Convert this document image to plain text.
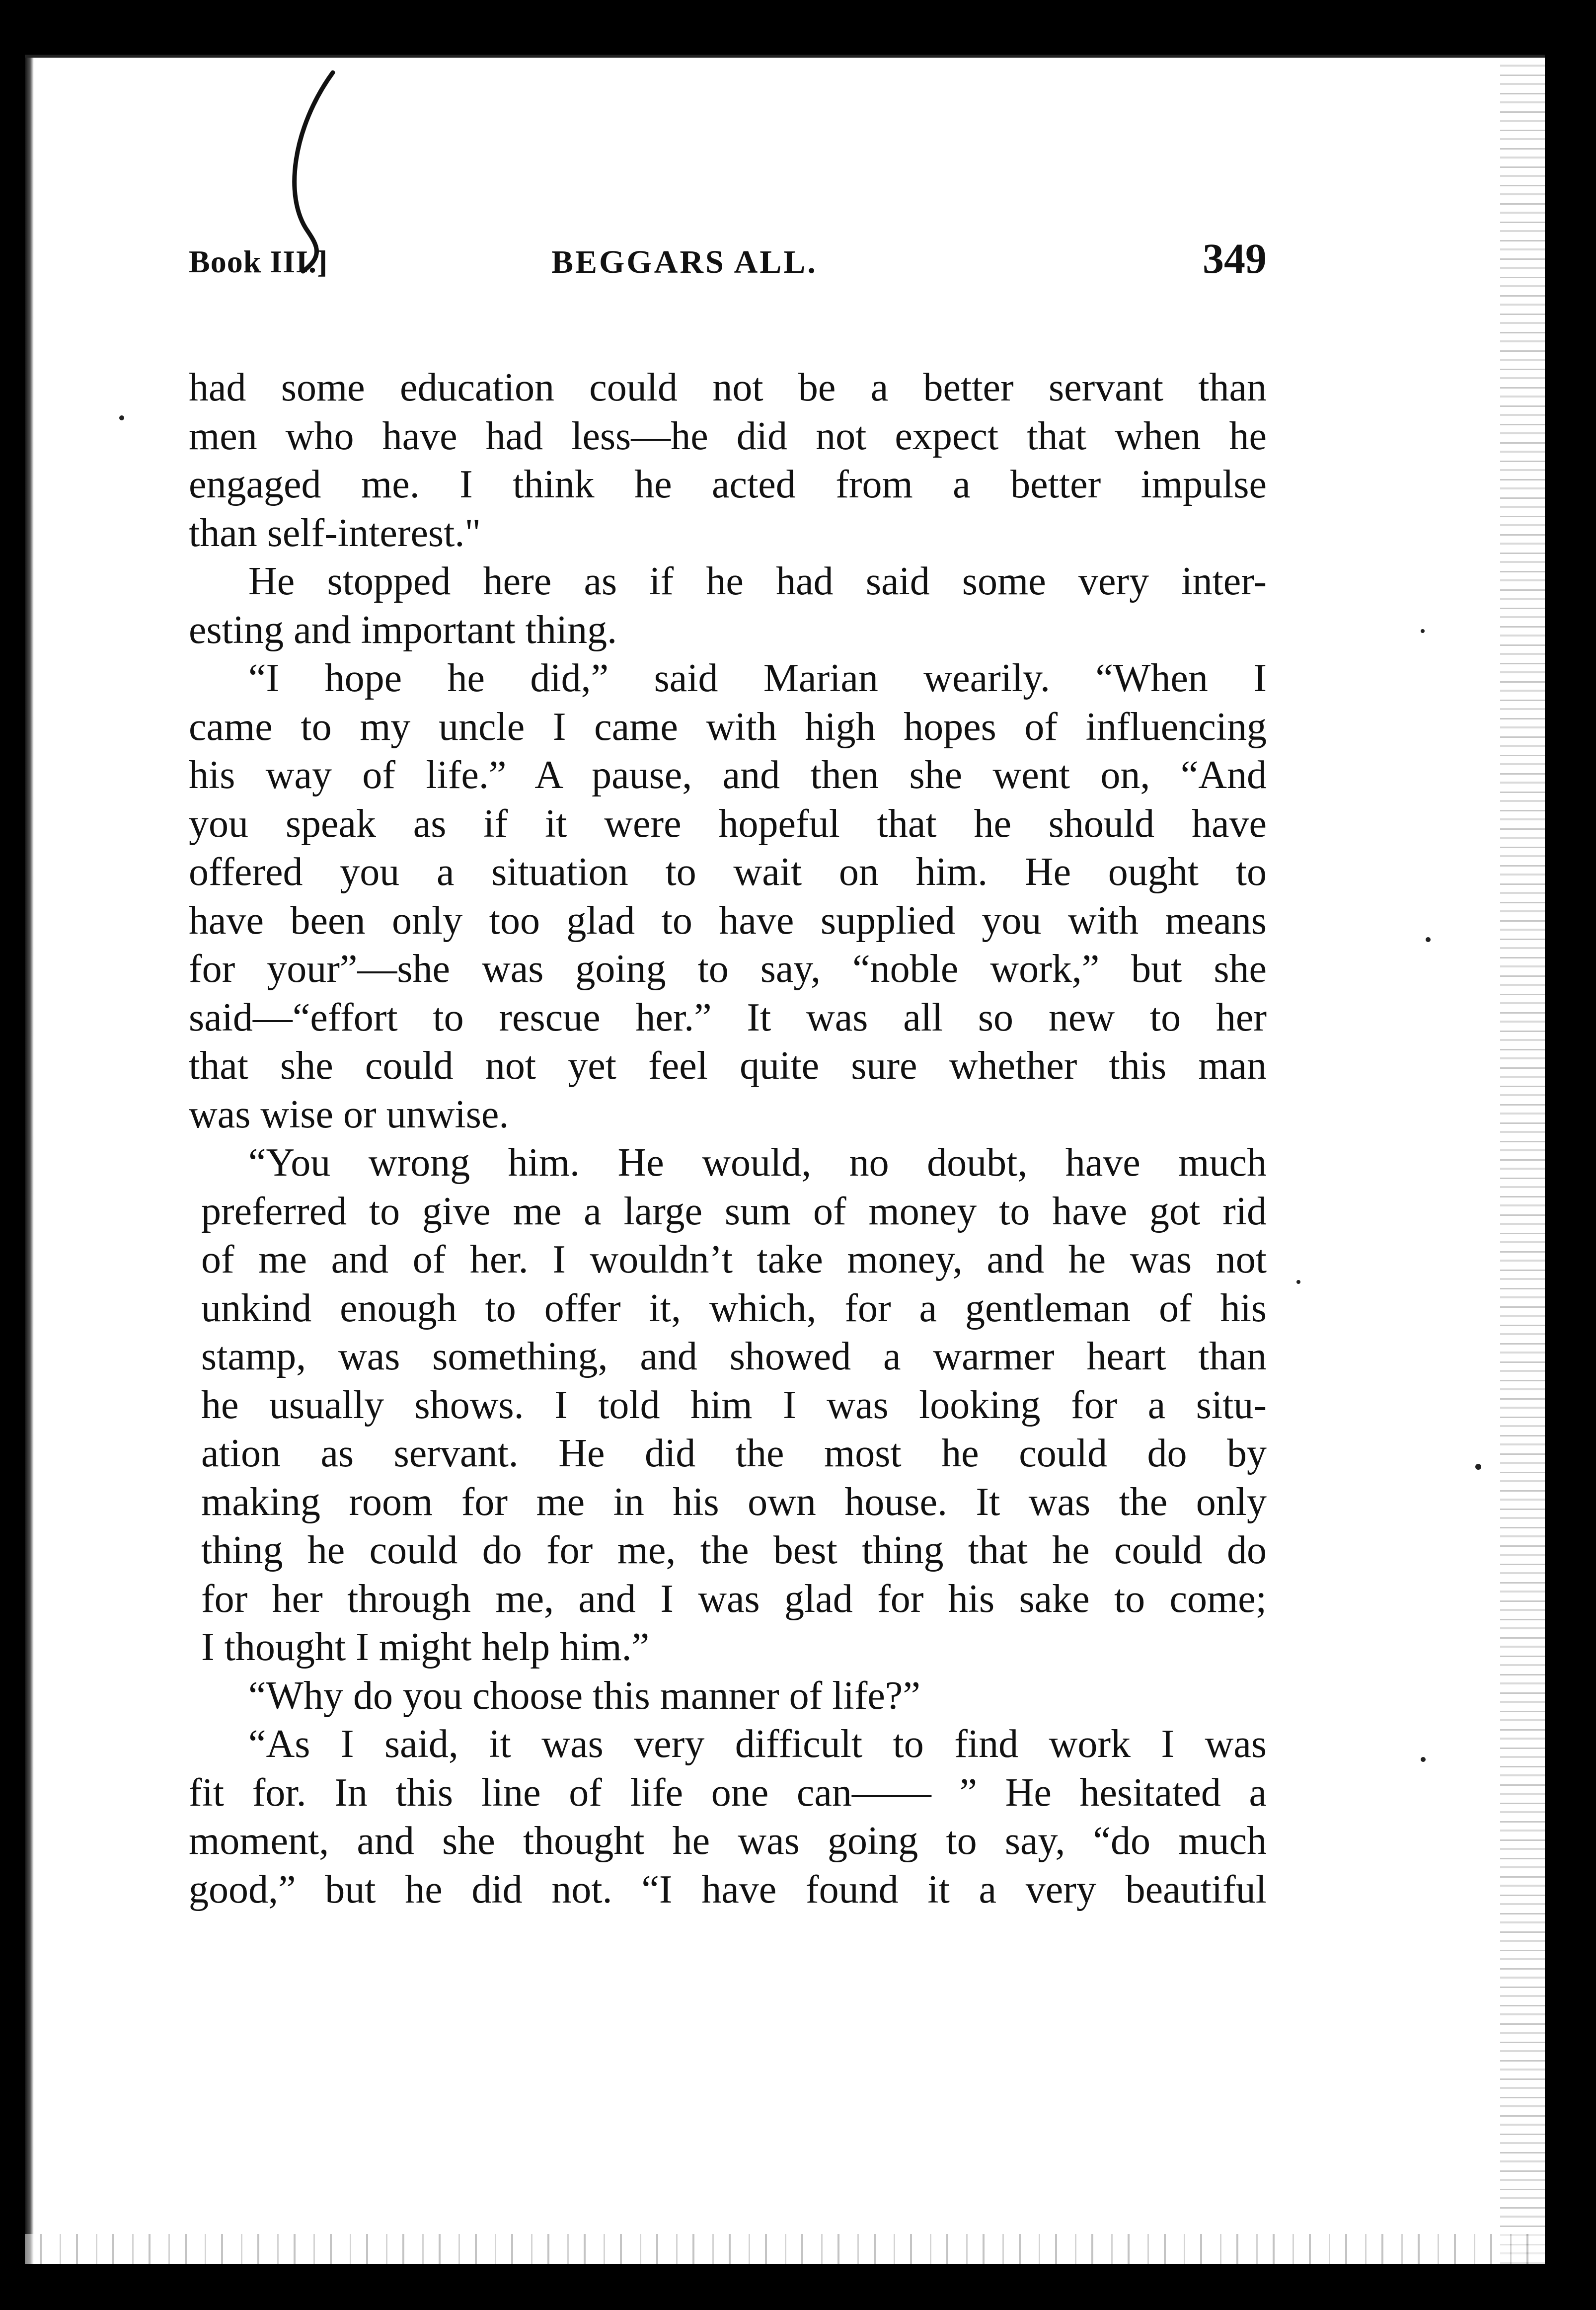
Book III.]	BEGGARS ALL.	349
had some education could not be a better servant than
men who have had less—he did not expect that when he
engaged me. I think he acted from a better impulse
than self-interest."
He stopped here as if he had said some very inter-
esting and important thing.
“I hope he did,” said Marian wearily. “When I
came to my uncle I came with high hopes of influencing
his way of life.” A pause, and then she went on, “And
you speak as if it were hopeful that he should have
offered you a situation to wait on him. He ought to
have been only too glad to have supplied you with means
for your”—she was going to say, “noble work,” but she
said—“effort to rescue her.” It was all so new to her
that she could not yet feel quite sure whether this man
was wise or unwise.
“You wrong him. He would, no doubt, have much
preferred to give me a large sum of money to have got rid
of me and of her. I wouldn’t take money, and he was not
unkind enough to offer it, which, for a gentleman of his
stamp, was something, and showed a warmer heart than
he usually shows. I told him I was looking for a situ-
ation as servant. He did the most he could do by
making room for me in his own house. It was the only
thing he could do for me, the best thing that he could do
for her through me, and I was glad for his sake to come;
I thought I might help him.”
“Why do you choose this manner of life?”
“As I said, it was very difficult to find work I was
fit for. In this line of life one can—— ” He hesitated a
moment, and she thought he was going to say, “do much
good,” but he did not. “I have found it a very beautiful
